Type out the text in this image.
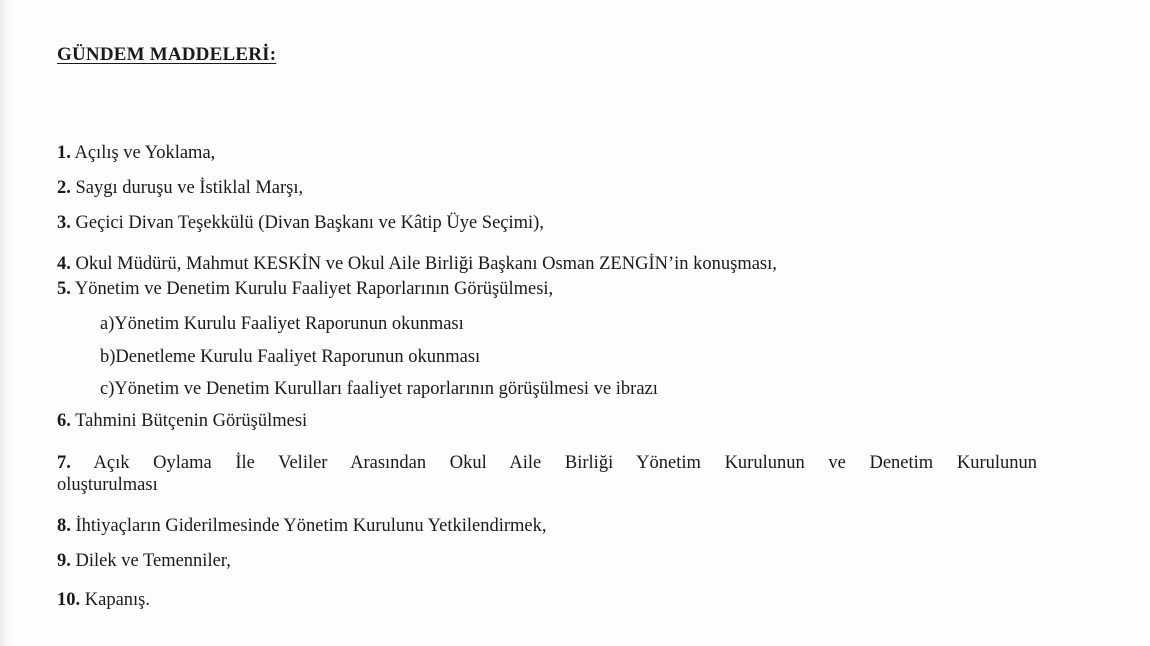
GÜNDEM MADDELERİ:
1. Açılış ve Yoklama,
2. Saygı duruşu ve İstiklal Marşı,
3. Geçici Divan Teşekkülü (Divan Başkanı ve Kâtip Üye Seçimi),
4. Okul Müdürü, Mahmut KESKİN ve Okul Aile Birliği Başkanı Osman ZENGİN’in konuşması,
5. Yönetim ve Denetim Kurulu Faaliyet Raporlarının Görüşülmesi,
a)Yönetim Kurulu Faaliyet Raporunun okunması
b)Denetleme Kurulu Faaliyet Raporunun okunması
c)Yönetim ve Denetim Kurulları faaliyet raporlarının görüşülmesi ve ibrazı
6. Tahmini Bütçenin Görüşülmesi
7. Açık Oylama İle Veliler Arasından Okul Aile Birliği Yönetim Kurulunun ve Denetim Kurulunun
oluşturulması
8. İhtiyaçların Giderilmesinde Yönetim Kurulunu Yetkilendirmek,
9. Dilek ve Temenniler,
10. Kapanış.
